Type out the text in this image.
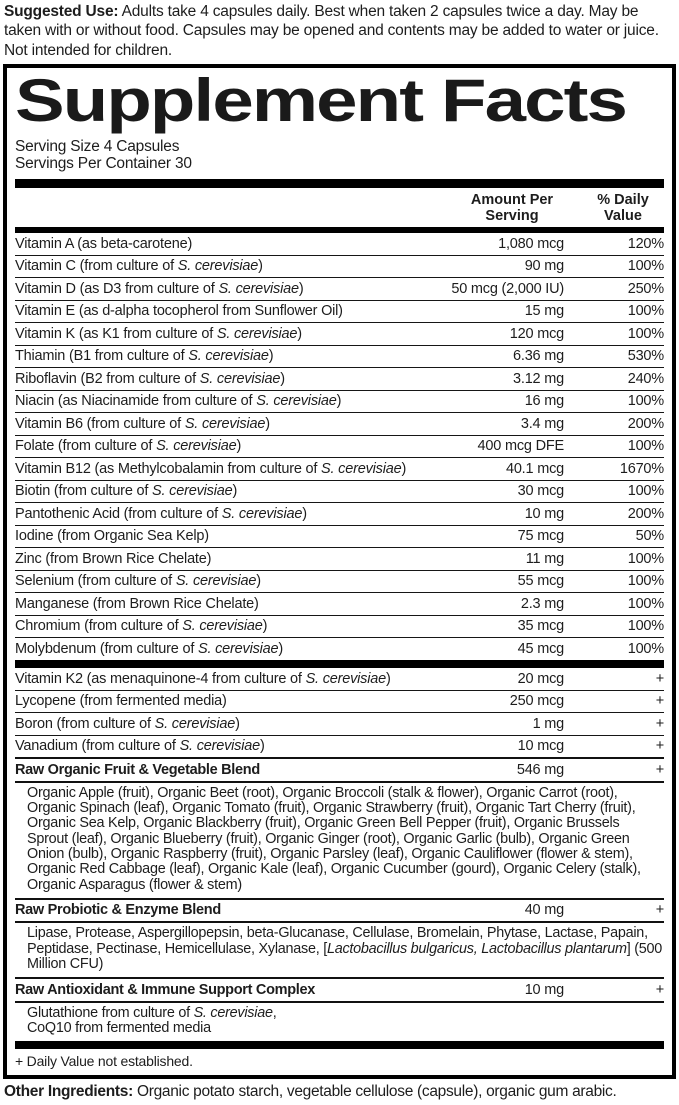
Suggested Use: Adults take 4 capsules daily. Best when taken 2 capsules twice a day. May be taken with or without food. Capsules may be opened and contents may be added to water or juice. Not intended for children.

Supplement Facts
Serving Size 4 Capsules
Servings Per Container 30
Amount Per Serving
% Daily Value
Vitamin A (as beta-carotene)	1,080 mcg	120%
Vitamin C (from culture of S. cerevisiae)	90 mg	100%
Vitamin D (as D3 from culture of S. cerevisiae)	50 mcg (2,000 IU)	250%
Vitamin E (as d-alpha tocopherol from Sunflower Oil)	15 mg	100%
Vitamin K (as K1 from culture of S. cerevisiae)	120 mcg	100%
Thiamin (B1 from culture of S. cerevisiae)	6.36 mg	530%
Riboflavin (B2 from culture of S. cerevisiae)	3.12 mg	240%
Niacin (as Niacinamide from culture of S. cerevisiae)	16 mg	100%
Vitamin B6 (from culture of S. cerevisiae)	3.4 mg	200%
Folate (from culture of S. cerevisiae)	400 mcg DFE	100%
Vitamin B12 (as Methylcobalamin from culture of S. cerevisiae)	40.1 mcg	1670%
Biotin (from culture of S. cerevisiae)	30 mcg	100%
Pantothenic Acid (from culture of S. cerevisiae)	10 mg	200%
Iodine (from Organic Sea Kelp)	75 mcg	50%
Zinc (from Brown Rice Chelate)	11 mg	100%
Selenium (from culture of S. cerevisiae)	55 mcg	100%
Manganese (from Brown Rice Chelate)	2.3 mg	100%
Chromium (from culture of S. cerevisiae)	35 mcg	100%
Molybdenum (from culture of S. cerevisiae)	45 mcg	100%
Vitamin K2 (as menaquinone-4 from culture of S. cerevisiae)	20 mcg	+
Lycopene (from fermented media)	250 mcg	+
Boron (from culture of S. cerevisiae)	1 mg	+
Vanadium (from culture of S. cerevisiae)	10 mcg	+
Raw Organic Fruit & Vegetable Blend	546 mg	+
Organic Apple (fruit), Organic Beet (root), Organic Broccoli (stalk & flower), Organic Carrot (root), Organic Spinach (leaf), Organic Tomato (fruit), Organic Strawberry (fruit), Organic Tart Cherry (fruit), Organic Sea Kelp, Organic Blackberry (fruit), Organic Green Bell Pepper (fruit), Organic Brussels Sprout (leaf), Organic Blueberry (fruit), Organic Ginger (root), Organic Garlic (bulb), Organic Green Onion (bulb), Organic Raspberry (fruit), Organic Parsley (leaf), Organic Cauliflower (flower & stem), Organic Red Cabbage (leaf), Organic Kale (leaf), Organic Cucumber (gourd), Organic Celery (stalk), Organic Asparagus (flower & stem)
Raw Probiotic & Enzyme Blend	40 mg	+
Lipase, Protease, Aspergillopepsin, beta-Glucanase, Cellulase, Bromelain, Phytase, Lactase, Papain, Peptidase, Pectinase, Hemicellulase, Xylanase, [Lactobacillus bulgaricus, Lactobacillus plantarum] (500 Million CFU)
Raw Antioxidant & Immune Support Complex	10 mg	+
Glutathione from culture of S. cerevisiae,
CoQ10 from fermented media
+ Daily Value not established.

Other Ingredients: Organic potato starch, vegetable cellulose (capsule), organic gum arabic.
